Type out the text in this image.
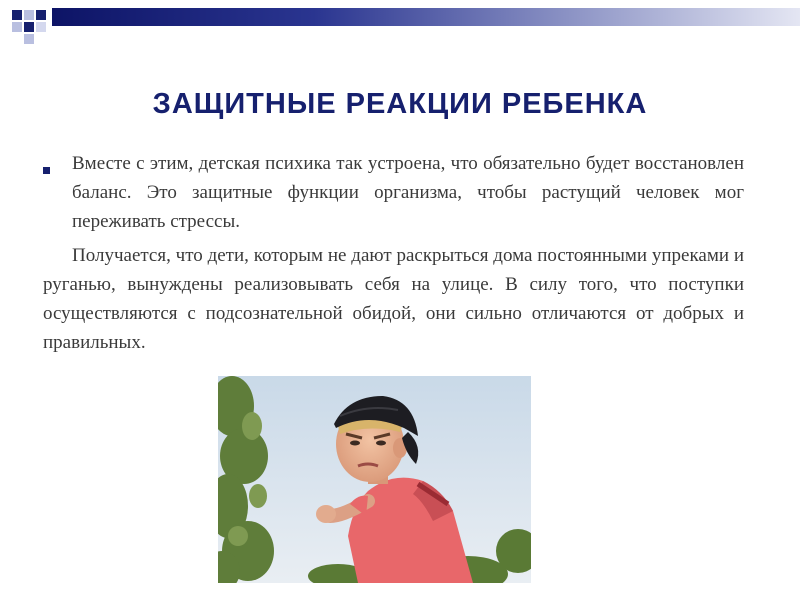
ЗАЩИТНЫЕ РЕАКЦИИ РЕБЕНКА

Вместе с этим, детская психика так устроена, что обязательно будет восстановлен баланс. Это защитные функции организма, чтобы растущий человек мог переживать стрессы.

Получается, что дети, которым не дают раскрыться дома постоянными упреками и руганью, вынуждены реализовывать себя на улице. В силу того, что поступки осуществляются с подсознательной обидой, они сильно отличаются от добрых и правильных.
